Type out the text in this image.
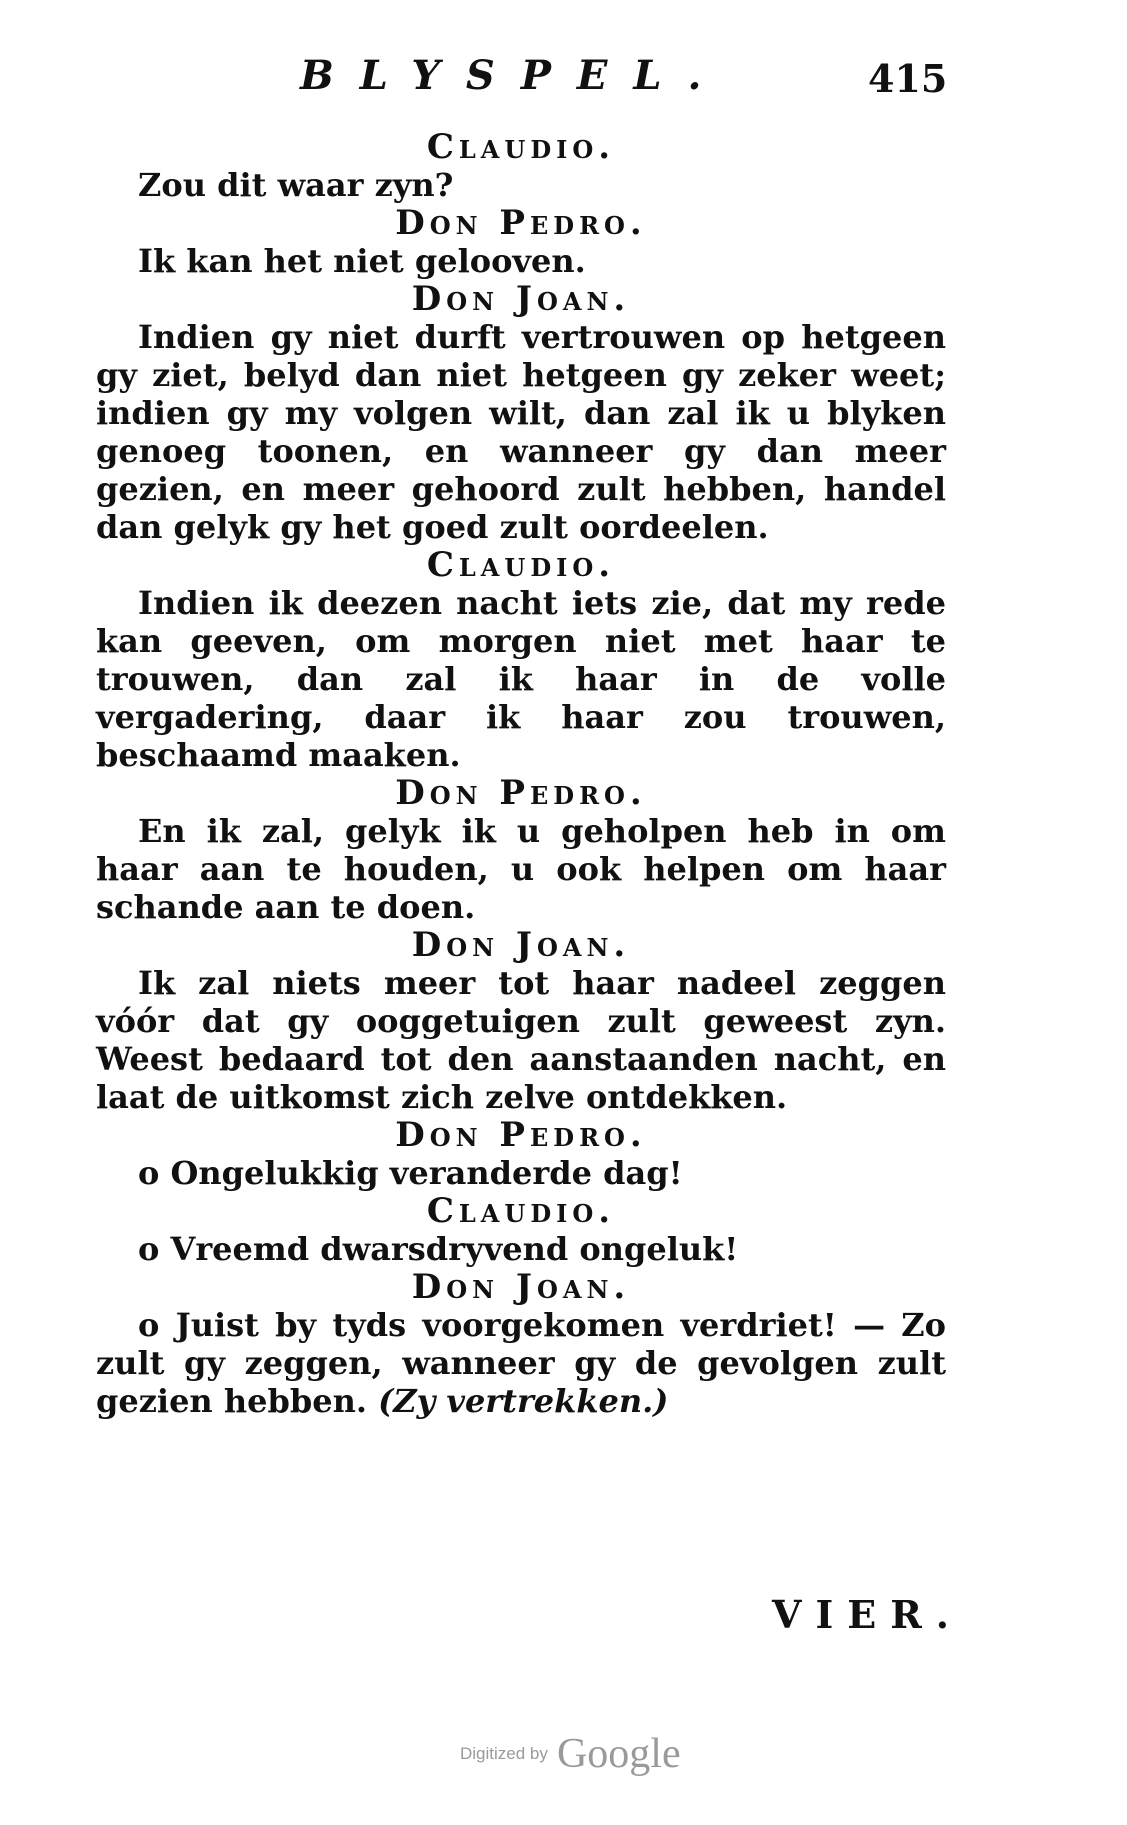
BLYSPEL.	415
Claudio.
Zou dit waar zyn?
Don Pedro.
Ik kan het niet gelooven.
Don Joan.
Indien gy niet durft vertrouwen op hetgeen gy ziet, belyd dan niet hetgeen gy zeker weet; indien gy my volgen wilt, dan zal ik u blyken genoeg toonen, en wanneer gy dan meer gezien, en meer gehoord zult hebben, handel dan gelyk gy het goed zult oordeelen.
Claudio.
Indien ik deezen nacht iets zie, dat my rede kan geeven, om morgen niet met haar te trouwen, dan zal ik haar in de volle vergadering, daar ik haar zou trouwen, beschaamd maaken.
Don Pedro.
En ik zal, gelyk ik u geholpen heb in om haar aan te houden, u ook helpen om haar schande aan te doen.
Don Joan.
Ik zal niets meer tot haar nadeel zeggen vóór dat gy ooggetuigen zult geweest zyn. Weest bedaard tot den aanstaanden nacht, en laat de uitkomst zich zelve ontdekken.
Don Pedro.
o Ongelukkig veranderde dag!
Claudio.
o Vreemd dwarsdryvend ongeluk!
Don Joan.
o Juist by tyds voorgekomen verdriet! — Zo zult gy zeggen, wanneer gy de gevolgen zult gezien hebben. (Zy vertrekken.)
VIER.
Digitized by Google
